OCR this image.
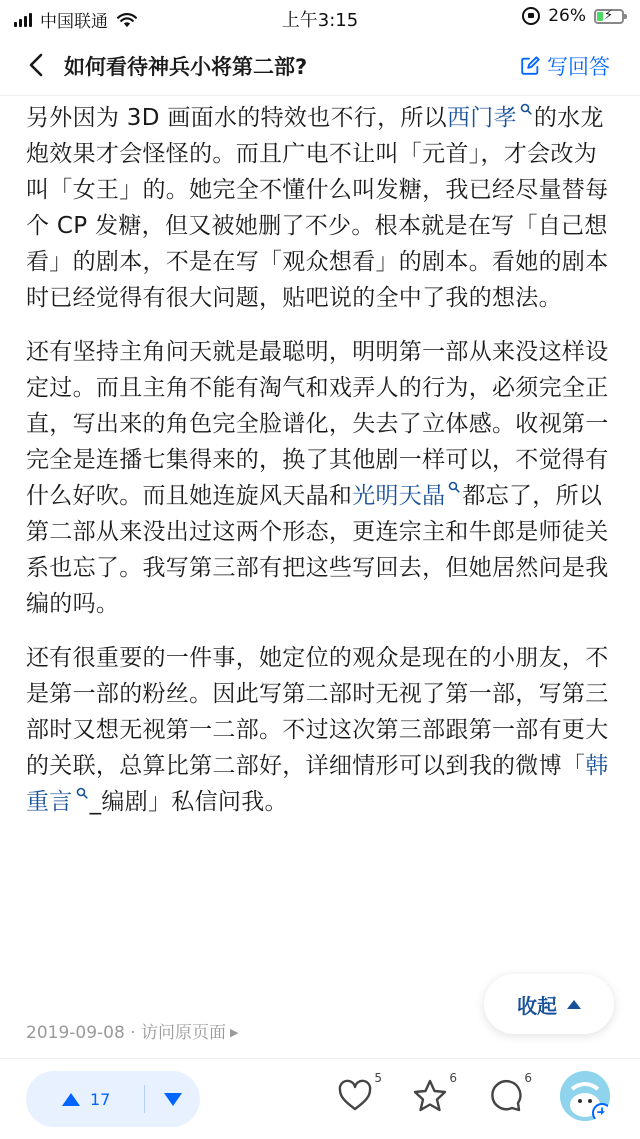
中国联通	上午3:15	26% ⚡
如何看待神兵小将第二部?	写回答

另外因为 3D 画面水的特效也不行，所以西门孝 的水龙炮效果才会怪怪的。而且广电不让叫「元首」，才会改为叫「女王」的。她完全不懂什么叫发糖，我已经尽量替每个 CP 发糖，但又被她删了不少。根本就是在写「自己想看」的剧本，不是在写「观众想看」的剧本。看她的剧本时已经觉得有很大问题，贴吧说的全中了我的想法。

还有坚持主角问天就是最聪明，明明第一部从来没这样设定过。而且主角不能有淘气和戏弄人的行为，必须完全正直，写出来的角色完全脸谱化，失去了立体感。收视第一完全是连播七集得来的，换了其他剧一样可以，不觉得有什么好吹。而且她连旋风天晶和光明天晶 都忘了，所以第二部从来没出过这两个形态，更连宗主和牛郎是师徒关系也忘了。我写第三部有把这些写回去，但她居然问是我编的吗。

还有很重要的一件事，她定位的观众是现在的小朋友，不是第一部的粉丝。因此写第二部时无视了第一部，写第三部时又想无视第一二部。不过这次第三部跟第一部有更大的关联，总算比第二部好，详细情形可以到我的微博「韩重言 _编剧」私信问我。

2019-09-08 · 访问原页面 ▶
收起
17
5	6	6
+
